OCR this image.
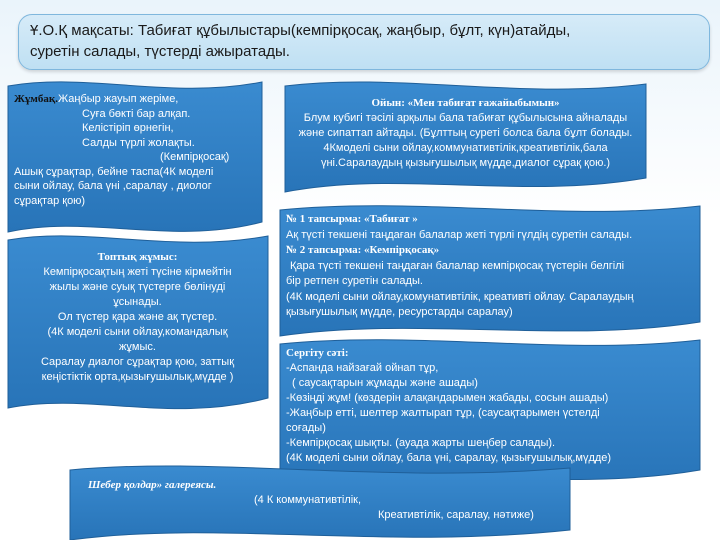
Ұ.О.Қ мақсаты: Табиғат құбылыстары(кемпірқосақ, жаңбыр, бұлт, күн)атайды,
суретін салады, түстерді ажыратады.
Жұмбақ.Жаңбыр жауып жеріме,
Суға бөкті бар алқап.
Келістіріп өрнегін,
Салды түрлі жолақты.
(Кемпірқосақ)
Ашық сұрақтар, бейне таспа(4К моделі
сыни ойлау, бала үні ,саралау , диолог
сұрақтар қою)
Топтық жұмыс:
Кемпірқосақтың жеті түсіне кірмейтін
жылы және суық түстерге бөлінуді
ұсынады.
Ол түстер қара және ақ түстер.
(4К моделі сыни ойлау,командалық
жұмыс.
Саралау диалог сұрақтар қою, заттық
кеңістіктік орта,қызығушылық,мүдде )
Ойын: «Мен табиғат ғажайыбымын»
Блум кубигі тәсілі арқылы бала табиғат құбылысына айналады
және сипаттап айтады. (Бұлттың суреті болса бала бұлт болады.
4Кмоделі сыни ойлау,коммунативтілік,креативтілік,бала
үні.Саралаудың қызығушылық мүдде,диалог сұрақ қою.)
№ 1 тапсырма: «Табиғат »
Ақ түсті текшені таңдаған балалар жеті түрлі гүлдің суретін салады.
№ 2 тапсырма: «Кемпірқосақ»
Қара түсті текшені таңдаған балалар кемпірқосақ түстерін белгілі
бір ретпен суретін салады.
(4К моделі сыни ойлау,комунативтілік, креативті ойлау. Саралаудың
қызығушылық мүдде, ресурстарды саралау)
Сергіту сәті:
-Аспанда найзағай ойнап тұр,
( саусақтарын жұмады және ашады)
-Көзіңді жұм! (көздерін алақандарымен жабады, сосын ашады)
-Жаңбыр етті, шелтер жалтырап тұр, (саусақтарымен үстелді
соғады)
-Кемпірқосақ шықты. (ауада жарты шеңбер салады).
(4К моделі сыни ойлау, бала үні, саралау, қызығушылық,мүдде)
Шебер қолдар» галереясы.
(4 К коммунативтілік,
Креативтілік, саралау, нәтиже)
